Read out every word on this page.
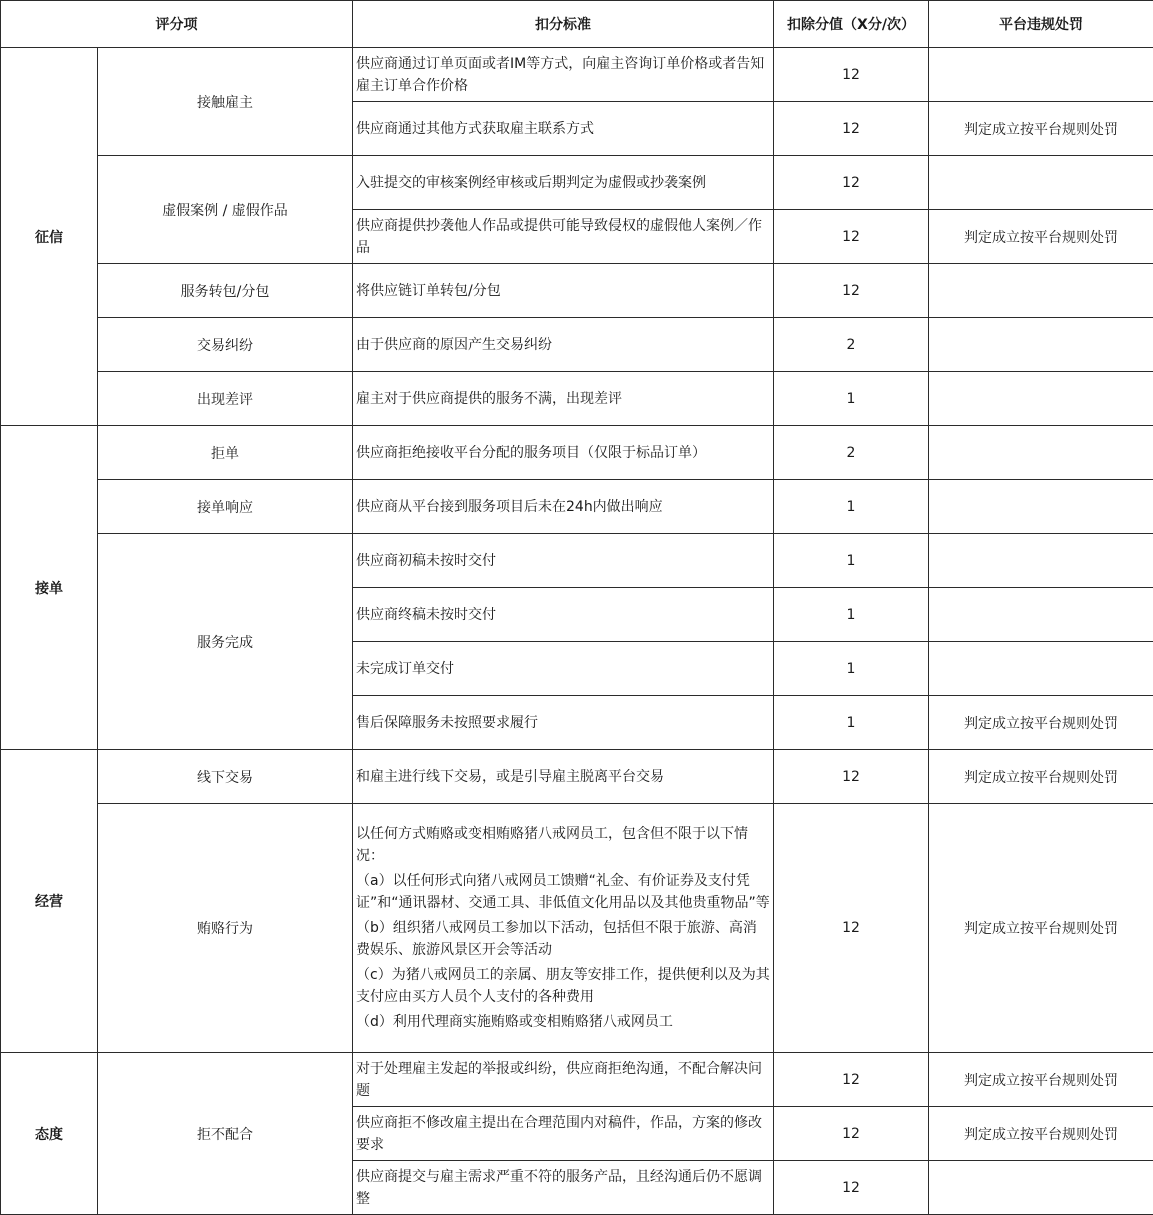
评分项		扣分标准	扣除分值（X分/次）	平台违规处罚
征信	接触雇主	供应商通过订单页面或者IM等方式，向雇主咨询订单价格或者告知雇主订单合作价格	12	
		供应商通过其他方式获取雇主联系方式	12	判定成立按平台规则处罚
	虚假案例 / 虚假作品	入驻提交的审核案例经审核或后期判定为虚假或抄袭案例	12	
		供应商提供抄袭他人作品或提供可能导致侵权的虚假他人案例／作品	12	判定成立按平台规则处罚
	服务转包/分包	将供应链订单转包/分包	12	
	交易纠纷	由于供应商的原因产生交易纠纷	2	
	出现差评	雇主对于供应商提供的服务不满，出现差评	1	
接单	拒单	供应商拒绝接收平台分配的服务项目（仅限于标品订单）	2	
	接单响应	供应商从平台接到服务项目后未在24h内做出响应	1	
	服务完成	供应商初稿未按时交付	1	
		供应商终稿未按时交付	1	
		未完成订单交付	1	
		售后保障服务未按照要求履行	1	判定成立按平台规则处罚
经营	线下交易	和雇主进行线下交易，或是引导雇主脱离平台交易	12	判定成立按平台规则处罚
	贿赂行为	以任何方式贿赂或变相贿赂猪八戒网员工，包含但不限于以下情况：

（a）以任何形式向猪八戒网员工馈赠“礼金、有价证券及支付凭证”和“通讯器材、交通工具、非低值文化用品以及其他贵重物品”等

（b）组织猪八戒网员工参加以下活动，包括但不限于旅游、高消费娱乐、旅游风景区开会等活动

（c）为猪八戒网员工的亲属、朋友等安排工作，提供便利以及为其支付应由买方人员个人支付的各种费用

（d）利用代理商实施贿赂或变相贿赂猪八戒网员工	12	判定成立按平台规则处罚
态度	拒不配合	对于处理雇主发起的举报或纠纷，供应商拒绝沟通，不配合解决问题	12	判定成立按平台规则处罚
		供应商拒不修改雇主提出在合理范围内对稿件，作品，方案的修改要求	12	判定成立按平台规则处罚
		供应商提交与雇主需求严重不符的服务产品，且经沟通后仍不愿调整	12	
